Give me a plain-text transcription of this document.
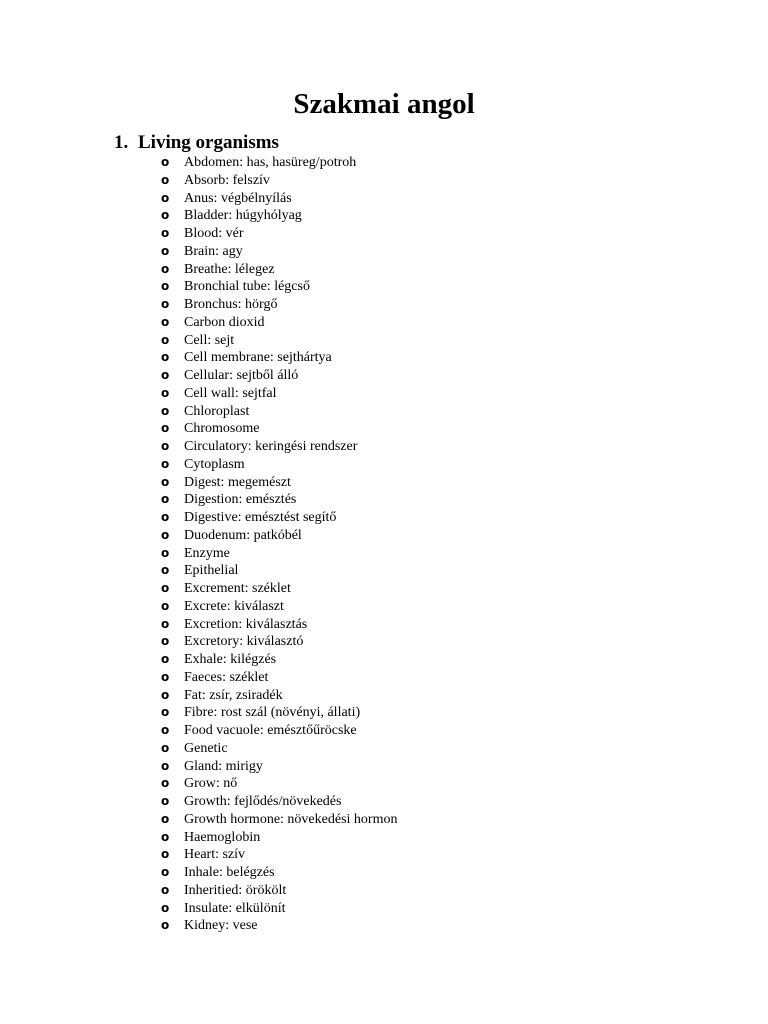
Szakmai angol
1. Living organisms
o Abdomen: has, hasüreg/potroh
o Absorb: felszív
o Anus: végbélnyílás
o Bladder: húgyhólyag
o Blood: vér
o Brain: agy
o Breathe: lélegez
o Bronchial tube: légcső
o Bronchus: hörgő
o Carbon dioxid
o Cell: sejt
o Cell membrane: sejthártya
o Cellular: sejtből álló
o Cell wall: sejtfal
o Chloroplast
o Chromosome
o Circulatory: keringési rendszer
o Cytoplasm
o Digest: megemészt
o Digestion: emésztés
o Digestive: emésztést segítő
o Duodenum: patkóbél
o Enzyme
o Epithelial
o Excrement: széklet
o Excrete: kiválaszt
o Excretion: kiválasztás
o Excretory: kiválasztó
o Exhale: kilégzés
o Faeces: széklet
o Fat: zsír, zsiradék
o Fibre: rost szál (növényi, állati)
o Food vacuole: emésztőűröcske
o Genetic
o Gland: mirigy
o Grow: nő
o Growth: fejlődés/növekedés
o Growth hormone: növekedési hormon
o Haemoglobin
o Heart: szív
o Inhale: belégzés
o Inheritied: örökölt
o Insulate: elkülönít
o Kidney: vese
